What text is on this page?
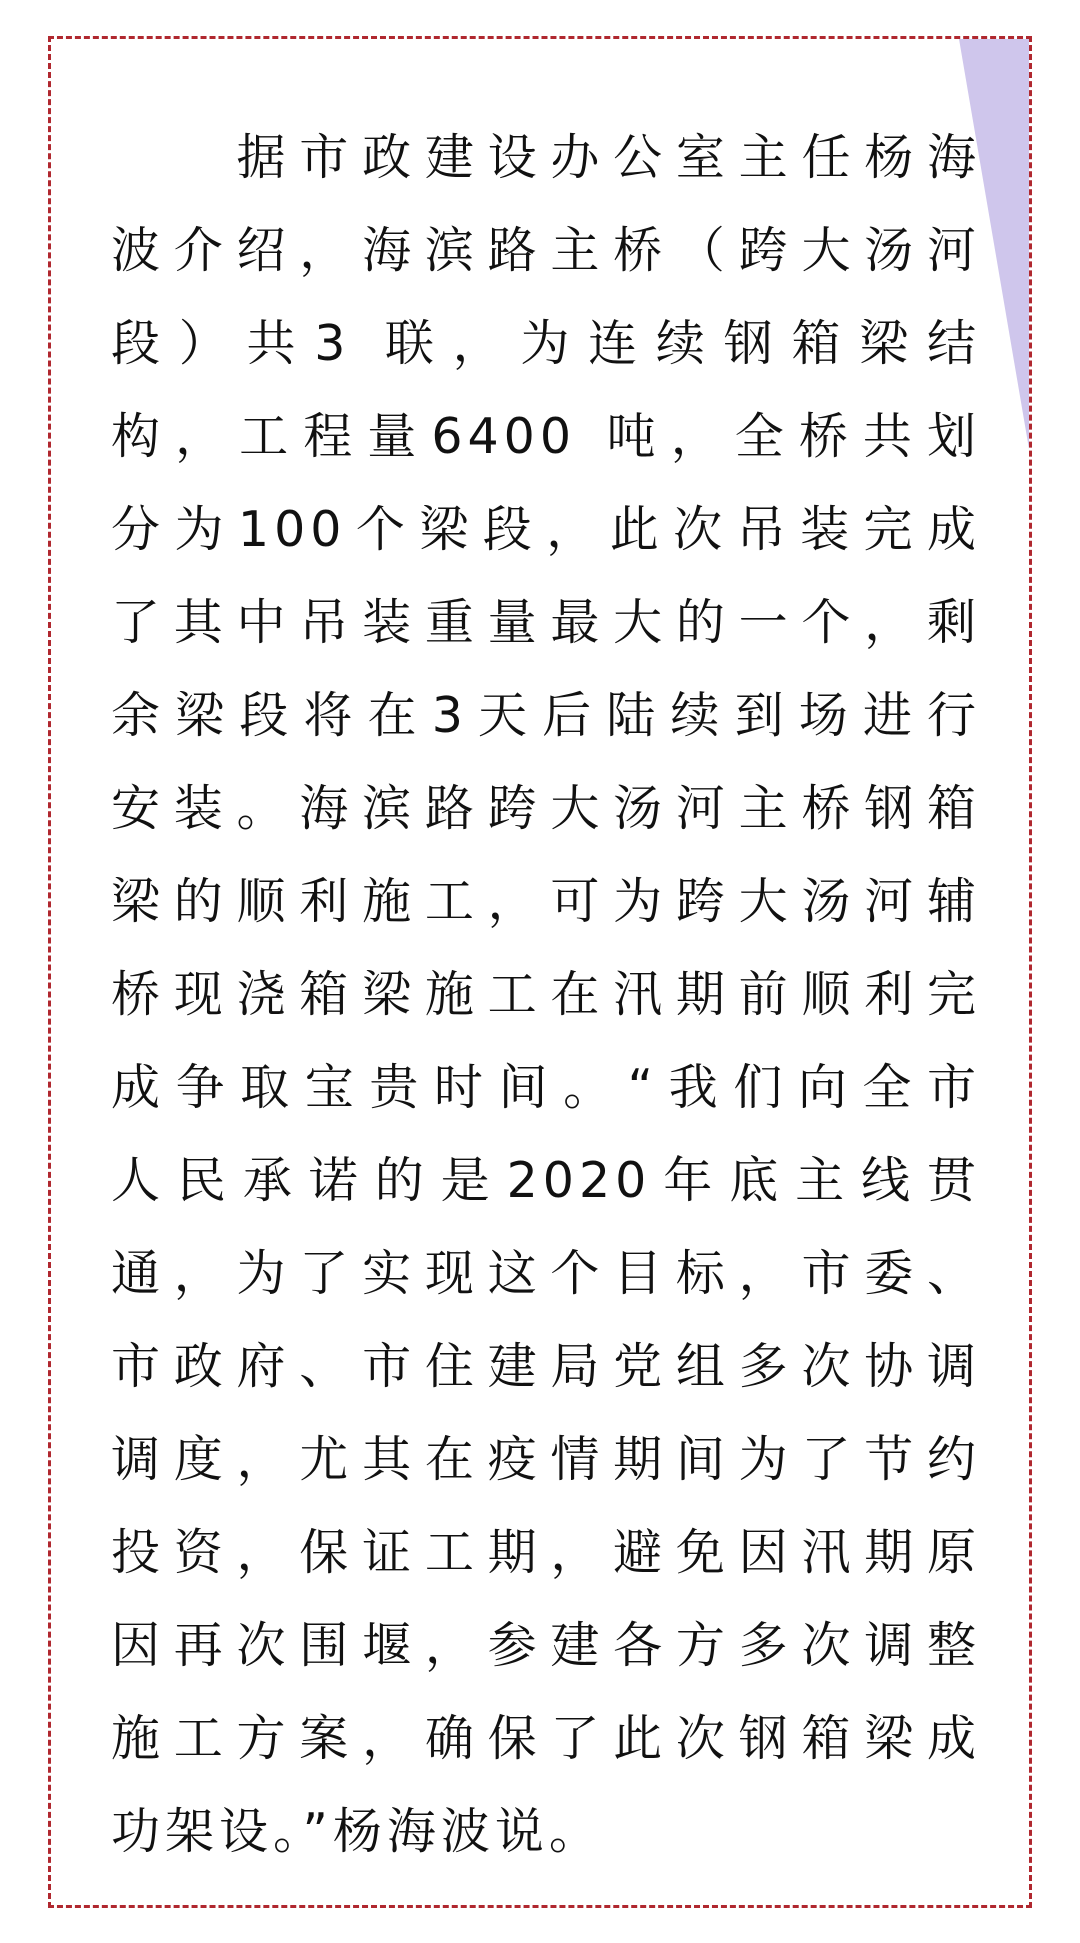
　　据市政建设办公室主任杨海
波介绍，海滨路主桥（跨大汤河
段）共3 联，为连续钢箱梁结
构，工程量6400 吨，全桥共划
分为100个梁段，此次吊装完成
了其中吊装重量最大的一个，剩
余梁段将在3天后陆续到场进行
安装。海滨路跨大汤河主桥钢箱
梁的顺利施工，可为跨大汤河辅
桥现浇箱梁施工在汛期前顺利完
成争取宝贵时间。“我们向全市
人民承诺的是2020年底主线贯
通，为了实现这个目标，市委、
市政府、市住建局党组多次协调
调度，尤其在疫情期间为了节约
投资，保证工期，避免因汛期原
因再次围堰，参建各方多次调整
施工方案，确保了此次钢箱梁成
功架设。”杨海波说。
